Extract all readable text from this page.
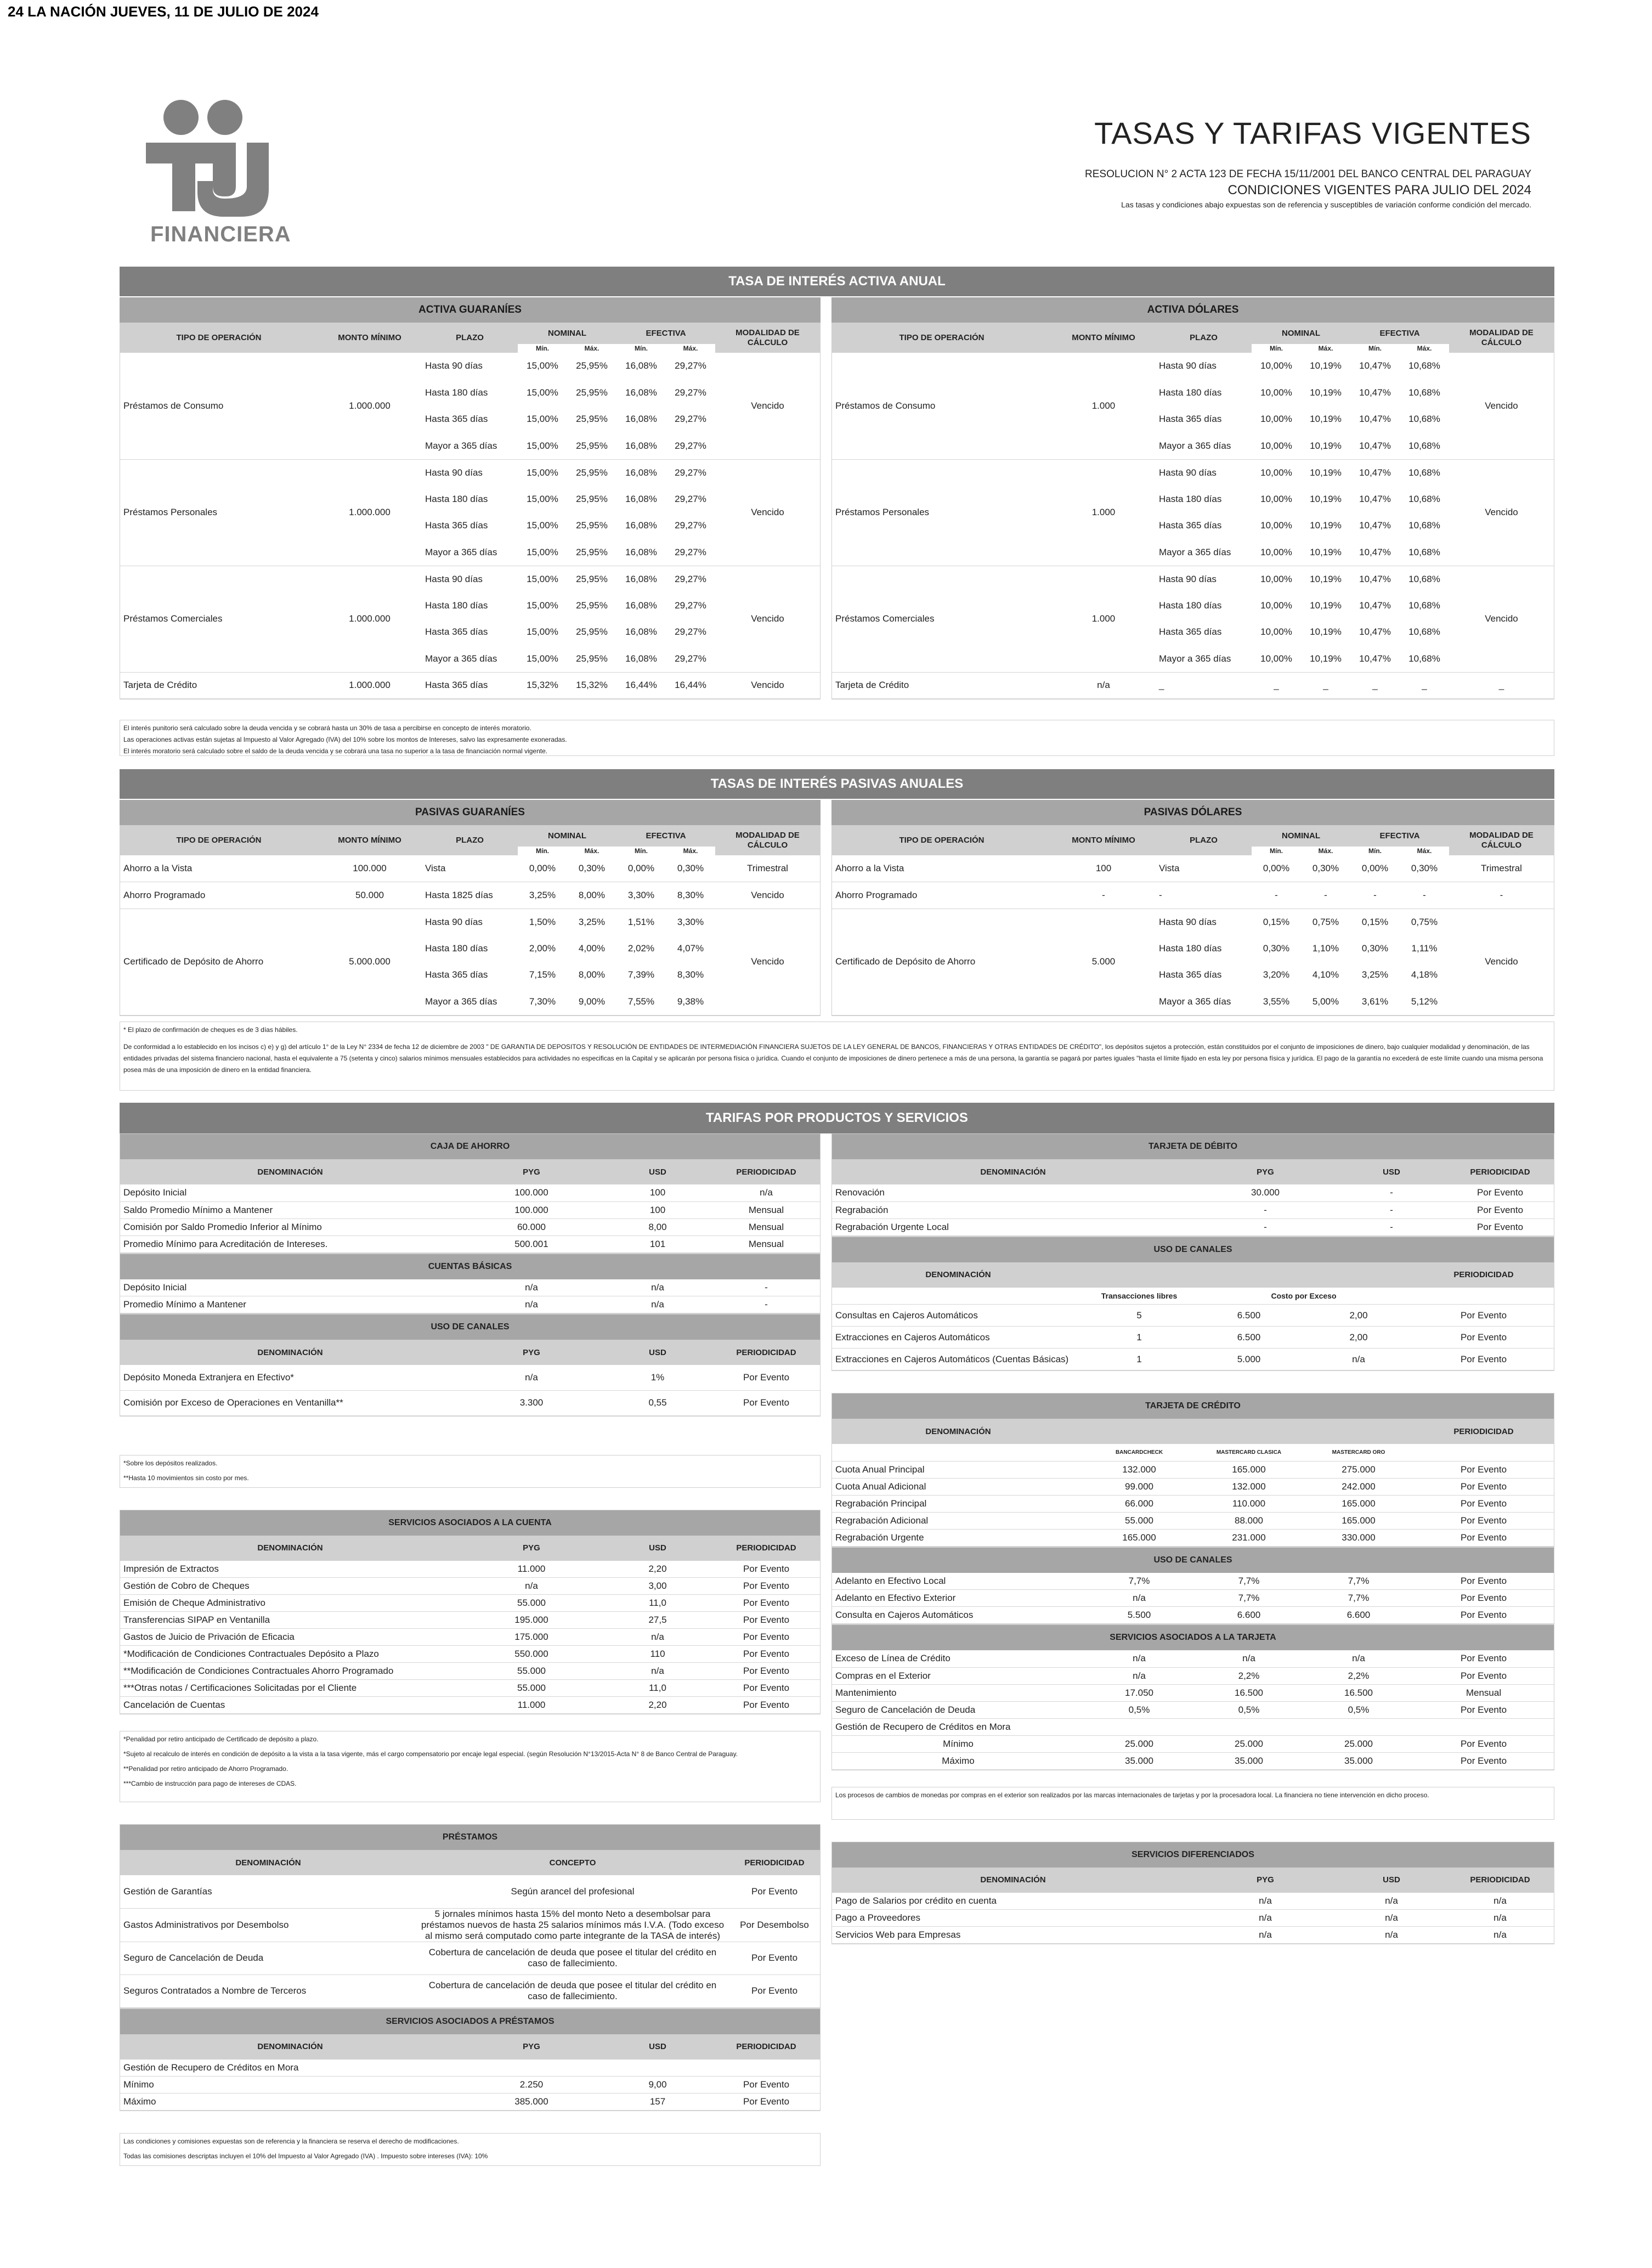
24 LA NACIÓN JUEVES, 11 DE JULIO DE 2024
FINANCIERA
TASAS Y TARIFAS VIGENTES
RESOLUCION N° 2 ACTA 123 DE FECHA 15/11/2001 DEL BANCO CENTRAL DEL PARAGUAY
CONDICIONES VIGENTES PARA JULIO DEL 2024
Las tasas y condiciones abajo expuestas son de referencia y susceptibles de variación conforme condición del mercado.
TASA DE INTERÉS ACTIVA ANUAL
ACTIVA GUARANÍES
TIPO DE OPERACIÓN	MONTO MÍNIMO	PLAZO	NOMINAL		EFECTIVA		MODALIDAD DE CÁLCULO
			Mín.	Máx.	Mín.	Máx.	
Préstamos de Consumo	1.000.000	Hasta 90 días	15,00%	25,95%	16,08%	29,27%	Vencido
		Hasta 180 días	15,00%	25,95%	16,08%	29,27%	
		Hasta 365 días	15,00%	25,95%	16,08%	29,27%	
		Mayor a 365 días	15,00%	25,95%	16,08%	29,27%	
Préstamos Personales	1.000.000	Hasta 90 días	15,00%	25,95%	16,08%	29,27%	Vencido
		Hasta 180 días	15,00%	25,95%	16,08%	29,27%	
		Hasta 365 días	15,00%	25,95%	16,08%	29,27%	
		Mayor a 365 días	15,00%	25,95%	16,08%	29,27%	
Préstamos Comerciales	1.000.000	Hasta 90 días	15,00%	25,95%	16,08%	29,27%	Vencido
		Hasta 180 días	15,00%	25,95%	16,08%	29,27%	
		Hasta 365 días	15,00%	25,95%	16,08%	29,27%	
		Mayor a 365 días	15,00%	25,95%	16,08%	29,27%	
Tarjeta de Crédito	1.000.000	Hasta 365 días	15,32%	15,32%	16,44%	16,44%	Vencido
ACTIVA DÓLARES
TIPO DE OPERACIÓN	MONTO MÍNIMO	PLAZO	NOMINAL		EFECTIVA		MODALIDAD DE CÁLCULO
			Mín.	Máx.	Mín.	Máx.	
Préstamos de Consumo	1.000	Hasta 90 días	10,00%	10,19%	10,47%	10,68%	Vencido
		Hasta 180 días	10,00%	10,19%	10,47%	10,68%	
		Hasta 365 días	10,00%	10,19%	10,47%	10,68%	
		Mayor a 365 días	10,00%	10,19%	10,47%	10,68%	
Préstamos Personales	1.000	Hasta 90 días	10,00%	10,19%	10,47%	10,68%	Vencido
		Hasta 180 días	10,00%	10,19%	10,47%	10,68%	
		Hasta 365 días	10,00%	10,19%	10,47%	10,68%	
		Mayor a 365 días	10,00%	10,19%	10,47%	10,68%	
Préstamos Comerciales	1.000	Hasta 90 días	10,00%	10,19%	10,47%	10,68%	Vencido
		Hasta 180 días	10,00%	10,19%	10,47%	10,68%	
		Hasta 365 días	10,00%	10,19%	10,47%	10,68%	
		Mayor a 365 días	10,00%	10,19%	10,47%	10,68%	
Tarjeta de Crédito	n/a	_	_	_	_	_	_
El interés punitorio será calculado sobre la deuda vencida y se cobrará hasta un 30% de tasa a percibirse en concepto de interés moratorio.
Las operaciones activas están sujetas al Impuesto al Valor Agregado (IVA) del 10% sobre los montos de Intereses, salvo las expresamente exoneradas.
El interés moratorio será calculado sobre el saldo de la deuda vencida y se cobrará una tasa no superior a la tasa de financiación normal vigente.
TASAS DE INTERÉS PASIVAS ANUALES
PASIVAS GUARANÍES
TIPO DE OPERACIÓN	MONTO MÍNIMO	PLAZO	NOMINAL		EFECTIVA		MODALIDAD DE CÁLCULO
			Mín.	Máx.	Mín.	Máx.	
Ahorro a la Vista	100.000	Vista	0,00%	0,30%	0,00%	0,30%	Trimestral
Ahorro Programado	50.000	Hasta 1825 días	3,25%	8,00%	3,30%	8,30%	Vencido
Certificado de Depósito de Ahorro	5.000.000	Hasta 90 días	1,50%	3,25%	1,51%	3,30%	Vencido
		Hasta 180 días	2,00%	4,00%	2,02%	4,07%	
		Hasta 365 días	7,15%	8,00%	7,39%	8,30%	
		Mayor a 365 días	7,30%	9,00%	7,55%	9,38%	
PASIVAS DÓLARES
TIPO DE OPERACIÓN	MONTO MÍNIMO	PLAZO	NOMINAL		EFECTIVA		MODALIDAD DE CÁLCULO
			Mín.	Máx.	Mín.	Máx.	
Ahorro a la Vista	100	Vista	0,00%	0,30%	0,00%	0,30%	Trimestral
Ahorro Programado	-	-	-	-	-	-	-
Certificado de Depósito de Ahorro	5.000	Hasta 90 días	0,15%	0,75%	0,15%	0,75%	Vencido
		Hasta 180 días	0,30%	1,10%	0,30%	1,11%	
		Hasta 365 días	3,20%	4,10%	3,25%	4,18%	
		Mayor a 365 días	3,55%	5,00%	3,61%	5,12%	
* El plazo de confirmación de cheques es de 3 días hábiles.
De conformidad a lo establecido en los incisos c) e) y g) del artículo 1° de la Ley N° 2334 de fecha 12 de diciembre de 2003 " DE GARANTIA DE DEPOSITOS Y RESOLUCIÓN DE ENTIDADES DE INTERMEDIACIÓN FINANCIERA SUJETOS DE LA LEY GENERAL DE BANCOS, FINANCIERAS Y OTRAS ENTIDADES DE CRÉDITO", los depósitos sujetos a protección, están constituidos por el conjunto de imposiciones de dinero, bajo cualquier modalidad y denominación, de las entidades privadas del sistema financiero nacional, hasta el equivalente a 75 (setenta y cinco) salarios mínimos mensuales establecidos para actividades no especificas en la Capital y se aplicarán por persona física o jurídica. Cuando el conjunto de imposiciones de dinero pertenece a más de una persona, la garantía se pagará por partes iguales "hasta el límite fijado en esta ley por persona física y jurídica. El pago de la garantía no excederá de este límite cuando una misma persona posea más de una imposición de dinero en la entidad financiera.
TARIFAS POR PRODUCTOS Y SERVICIOS
CAJA DE AHORRO
DENOMINACIÓN	PYG	USD	PERIODICIDAD
Depósito Inicial	100.000	100	n/a
Saldo Promedio Mínimo a Mantener	100.000	100	Mensual
Comisión por Saldo Promedio Inferior al Mínimo	60.000	8,00	Mensual
Promedio Mínimo para Acreditación de Intereses.	500.001	101	Mensual
CUENTAS BÁSICAS
Depósito Inicial	n/a	n/a	-
Promedio Mínimo a Mantener	n/a	n/a	-
USO DE CANALES
DENOMINACIÓN	PYG	USD	PERIODICIDAD
Depósito Moneda Extranjera en Efectivo*	n/a	1%	Por Evento
Comisión por Exceso de Operaciones en Ventanilla**	3.300	0,55	Por Evento
*Sobre los depósitos realizados.
**Hasta 10 movimientos sin costo por mes.
SERVICIOS ASOCIADOS A LA CUENTA
DENOMINACIÓN	PYG	USD	PERIODICIDAD
Impresión de Extractos	11.000	2,20	Por Evento
Gestión de Cobro de Cheques	n/a	3,00	Por Evento
Emisión de Cheque Administrativo	55.000	11,0	Por Evento
Transferencias SIPAP en Ventanilla	195.000	27,5	Por Evento
Gastos de Juicio de Privación de Eficacia	175.000	n/a	Por Evento
*Modificación de Condiciones Contractuales Depósito a Plazo	550.000	110	Por Evento
**Modificación de Condiciones Contractuales Ahorro Programado	55.000	n/a	Por Evento
***Otras notas / Certificaciones Solicitadas por el Cliente	55.000	11,0	Por Evento
Cancelación de Cuentas	11.000	2,20	Por Evento
*Penalidad por retiro anticipado de Certificado de depósito a plazo.
*Sujeto al recalculo de interés en condición de depósito a la vista a la tasa vigente, más el cargo compensatorio por encaje legal especial. (según Resolución N°13/2015-Acta N° 8 de Banco Central de Paraguay.
**Penalidad por retiro anticipado de Ahorro Programado.
***Cambio de instrucción para pago de intereses de CDAS.
PRÉSTAMOS
DENOMINACIÓN	CONCEPTO	PERIODICIDAD
Gestión de Garantías	Según arancel del profesional	Por Evento
Gastos Administrativos por Desembolso	5 jornales mínimos hasta 15% del monto Neto a desembolsar para préstamos nuevos de hasta 25 salarios mínimos más I.V.A. (Todo exceso al mismo será computado como parte integrante de la TASA de interés)	Por Desembolso
Seguro de Cancelación de Deuda	Cobertura de cancelación de deuda que posee el titular del crédito en caso de fallecimiento.	Por Evento
Seguros Contratados a Nombre de Terceros	Cobertura de cancelación de deuda que posee el titular del crédito en caso de fallecimiento.	Por Evento
SERVICIOS ASOCIADOS A PRÉSTAMOS
DENOMINACIÓN	PYG	USD	PERIODICIDAD
Gestión de Recupero de Créditos en Mora			
Mínimo	2.250	9,00	Por Evento
Máximo	385.000	157	Por Evento
Las condiciones y comisiones expuestas son de referencia y la financiera se reserva el derecho de modificaciones.
Todas las comisiones descriptas incluyen el 10% del Impuesto al Valor Agregado (IVA) . Impuesto sobre intereses (IVA): 10%
TARJETA DE DÉBITO
DENOMINACIÓN	PYG	USD	PERIODICIDAD
Renovación	30.000	-	Por Evento
Regrabación	-	-	Por Evento
Regrabación Urgente Local	-	-	Por Evento
USO DE CANALES
DENOMINACIÓN				PERIODICIDAD
	Transacciones libres	Costo por Exceso		
Consultas en Cajeros Automáticos	5	6.500	2,00	Por Evento
Extracciones en Cajeros Automáticos	1	6.500	2,00	Por Evento
Extracciones en Cajeros Automáticos (Cuentas Básicas)	1	5.000	n/a	Por Evento
TARJETA DE CRÉDITO
DENOMINACIÓN				PERIODICIDAD
	BANCARDCHECK	MASTERCARD CLASICA	MASTERCARD ORO	
Cuota Anual Principal	132.000	165.000	275.000	Por Evento
Cuota Anual Adicional	99.000	132.000	242.000	Por Evento
Regrabación Principal	66.000	110.000	165.000	Por Evento
Regrabación Adicional	55.000	88.000	165.000	Por Evento
Regrabación Urgente	165.000	231.000	330.000	Por Evento
USO DE CANALES
Adelanto en Efectivo Local	7,7%	7,7%	7,7%	Por Evento
Adelanto en Efectivo Exterior	n/a	7,7%	7,7%	Por Evento
Consulta en Cajeros Automáticos	5.500	6.600	6.600	Por Evento
SERVICIOS ASOCIADOS A LA TARJETA
Exceso de Línea de Crédito	n/a	n/a	n/a	Por Evento
Compras en el Exterior	n/a	2,2%	2,2%	Por Evento
Mantenimiento	17.050	16.500	16.500	Mensual
Seguro de Cancelación de Deuda	0,5%	0,5%	0,5%	Por Evento
Gestión de Recupero de Créditos en Mora				
Mínimo	25.000	25.000	25.000	Por Evento
Máximo	35.000	35.000	35.000	Por Evento
Los procesos de cambios de monedas por compras en el exterior son realizados por las marcas internacionales de tarjetas y por la procesadora local. La financiera no tiene intervención en dicho proceso.
SERVICIOS DIFERENCIADOS
DENOMINACIÓN	PYG	USD	PERIODICIDAD
Pago de Salarios por crédito en cuenta	n/a	n/a	n/a
Pago a Proveedores	n/a	n/a	n/a
Servicios Web para Empresas	n/a	n/a	n/a
